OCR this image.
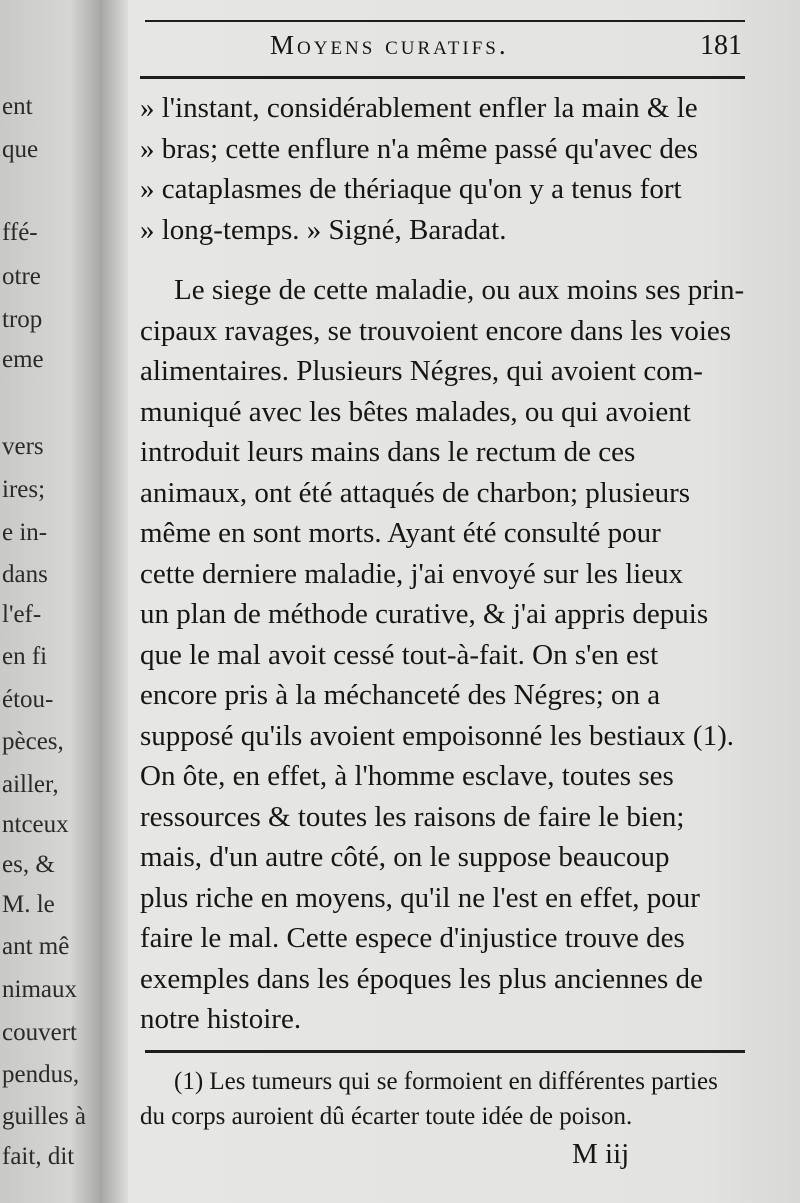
ent
que
ffé-
otre
trop
eme
vers
ires;
e in-
dans
l'ef-
en fi
étou-
pèces,
ailler,
ntceux
es, &
M. le
ant mê
nimaux
couvert
pendus,
guilles à
fait, dit
Moyens curatifs.	181
» l'instant, considérablement enfler la main & le
» bras; cette enflure n'a même passé qu'avec des
» cataplasmes de thériaque qu'on y a tenus fort
» long-temps. » Signé, Baradat.
Le siege de cette maladie, ou aux moins ses prin-
cipaux ravages, se trouvoient encore dans les voies
alimentaires. Plusieurs Négres, qui avoient com-
muniqué avec les bêtes malades, ou qui avoient
introduit leurs mains dans le rectum de ces
animaux, ont été attaqués de charbon; plusieurs
même en sont morts. Ayant été consulté pour
cette derniere maladie, j'ai envoyé sur les lieux
un plan de méthode curative, & j'ai appris depuis
que le mal avoit cessé tout-à-fait. On s'en est
encore pris à la méchanceté des Négres; on a
supposé qu'ils avoient empoisonné les bestiaux (1).
On ôte, en effet, à l'homme esclave, toutes ses
ressources & toutes les raisons de faire le bien;
mais, d'un autre côté, on le suppose beaucoup
plus riche en moyens, qu'il ne l'est en effet, pour
faire le mal. Cette espece d'injustice trouve des
exemples dans les époques les plus anciennes de
notre histoire.
(1) Les tumeurs qui se formoient en différentes parties
du corps auroient dû écarter toute idée de poison.
M iij
